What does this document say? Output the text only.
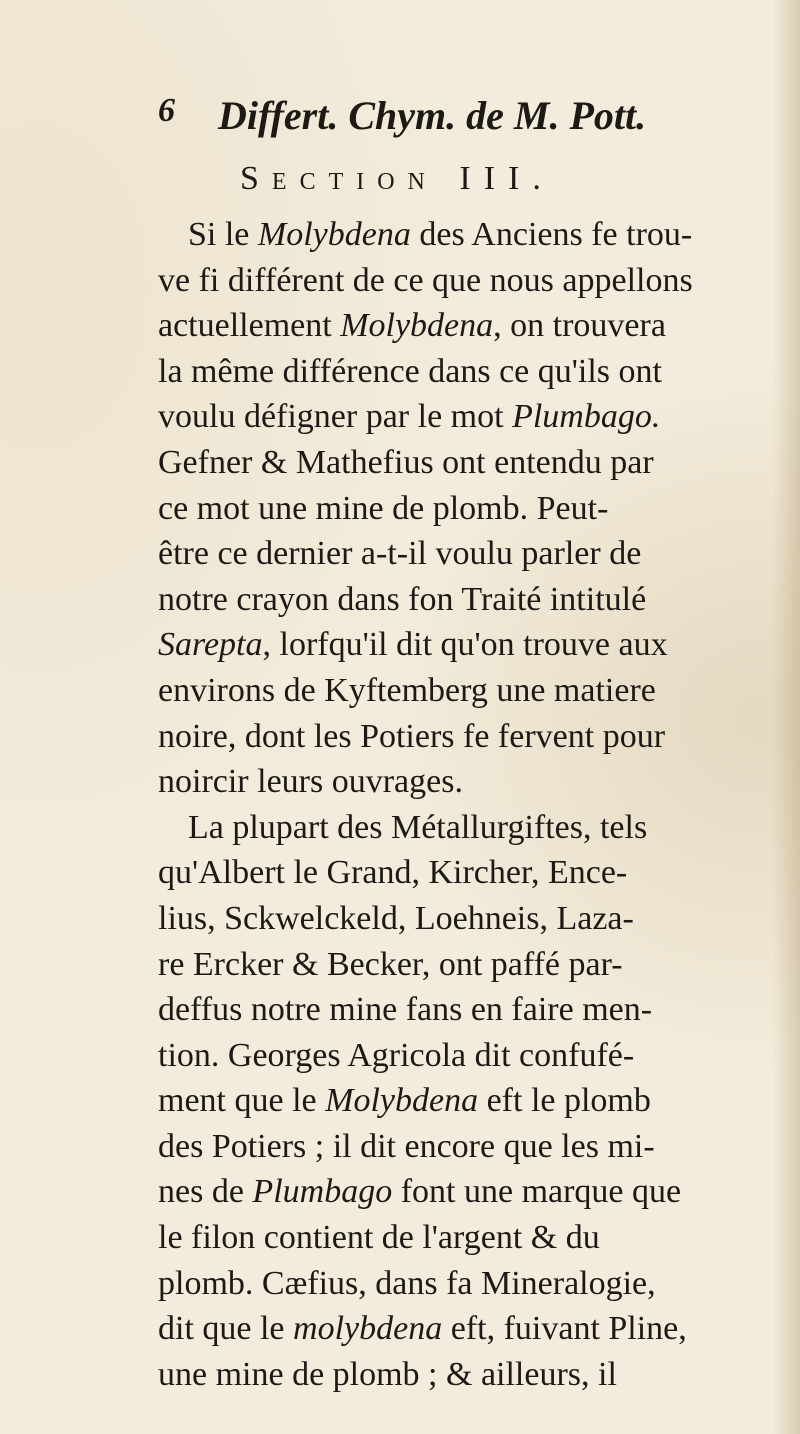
6 Differt. Chym. de M. Pott.
Section III.
Si le Molybdena des Anciens fe trou-
ve fi différent de ce que nous appellons
actuellement Molybdena, on trouvera
la même différence dans ce qu'ils ont
voulu défigner par le mot Plumbago.
Gefner & Mathefius ont entendu par
ce mot une mine de plomb. Peut-
être ce dernier a-t-il voulu parler de
notre crayon dans fon Traité intitulé
Sarepta, lorfqu'il dit qu'on trouve aux
environs de Kyftemberg une matiere
noire, dont les Potiers fe fervent pour
noircir leurs ouvrages.
La plupart des Métallurgiftes, tels
qu'Albert le Grand, Kircher, Ence-
lius, Sckwelckeld, Loehneis, Laza-
re Ercker & Becker, ont paffé par-
deffus notre mine fans en faire men-
tion. Georges Agricola dit confufé-
ment que le Molybdena eft le plomb
des Potiers ; il dit encore que les mi-
nes de Plumbago font une marque que
le filon contient de l'argent & du
plomb. Cæfius, dans fa Mineralogie,
dit que le molybdena eft, fuivant Pline,
une mine de plomb ; & ailleurs, il
